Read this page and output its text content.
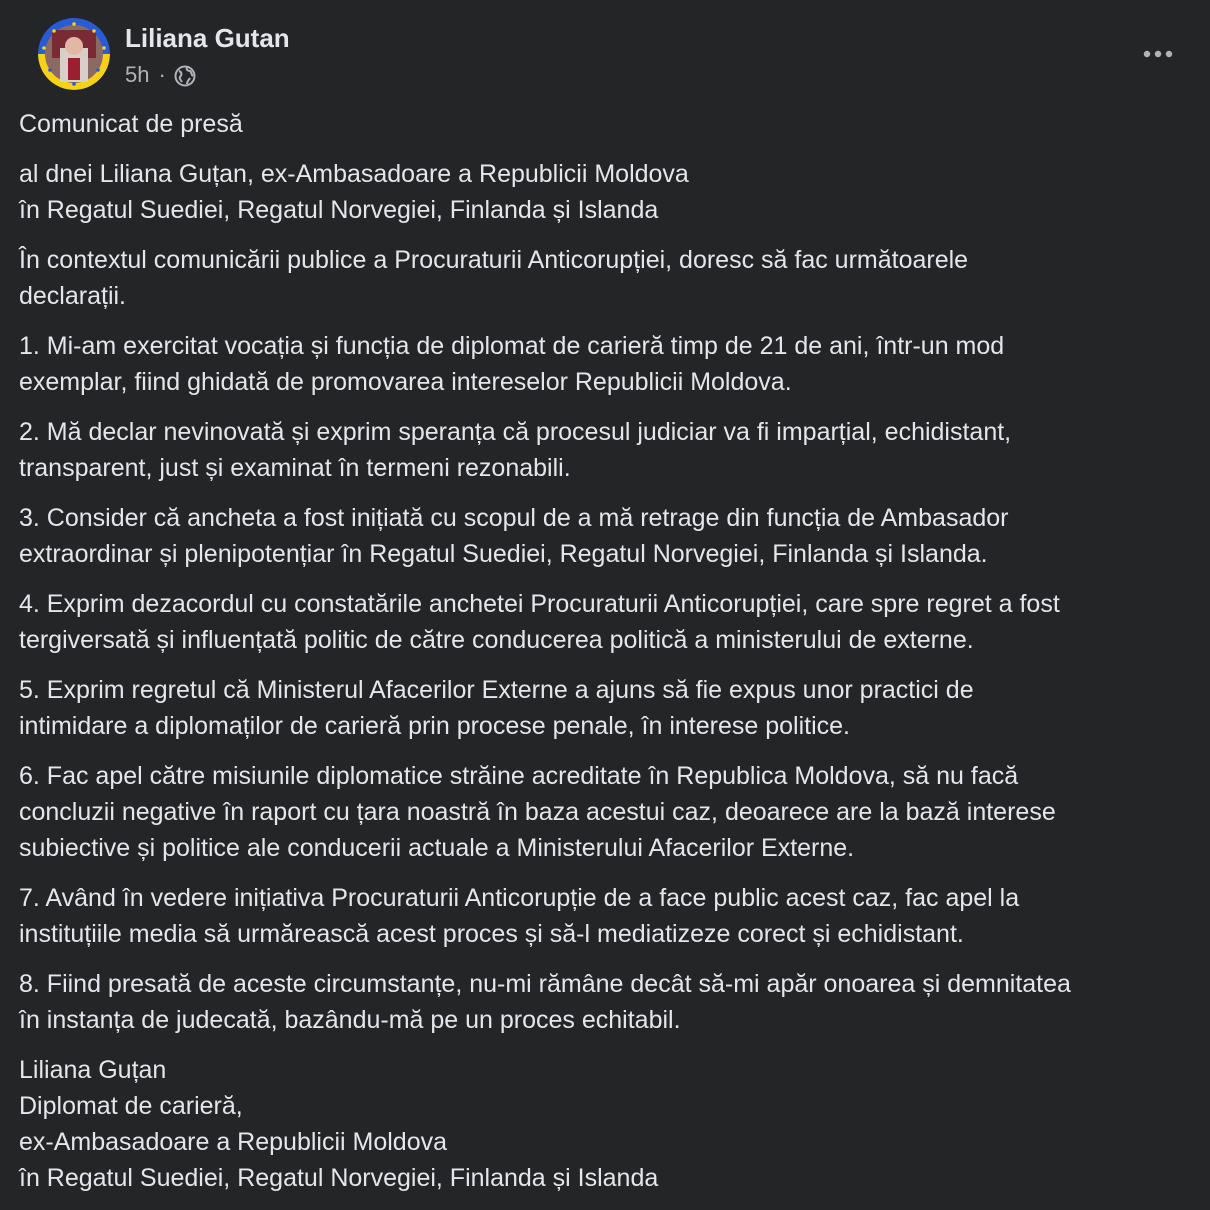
Liliana Gutan
5h ·

Comunicat de presă

al dnei Liliana Guțan, ex-Ambasadoare a Republicii Moldova
în Regatul Suediei, Regatul Norvegiei, Finlanda și Islanda

În contextul comunicării publice a Procuraturii Anticorupției, doresc să fac următoarele
declarații.

1. Mi-am exercitat vocația și funcția de diplomat de carieră timp de 21 de ani, într-un mod
exemplar, fiind ghidată de promovarea intereselor Republicii Moldova.

2. Mă declar nevinovată și exprim speranța că procesul judiciar va fi imparțial, echidistant,
transparent, just și examinat în termeni rezonabili.

3. Consider că ancheta a fost inițiată cu scopul de a mă retrage din funcția de Ambasador
extraordinar și plenipotențiar în Regatul Suediei, Regatul Norvegiei, Finlanda și Islanda.

4. Exprim dezacordul cu constatările anchetei Procuraturii Anticorupției, care spre regret a fost
tergiversată și influențată politic de către conducerea politică a ministerului de externe.

5. Exprim regretul că Ministerul Afacerilor Externe a ajuns să fie expus unor practici de
intimidare a diplomaților de carieră prin procese penale, în interese politice.

6. Fac apel către misiunile diplomatice străine acreditate în Republica Moldova, să nu facă
concluzii negative în raport cu țara noastră în baza acestui caz, deoarece are la bază interese
subiective și politice ale conducerii actuale a Ministerului Afacerilor Externe.

7. Având în vedere inițiativa Procuraturii Anticorupție de a face public acest caz, fac apel la
instituțiile media să urmărească acest proces și să-l mediatizeze corect și echidistant.

8. Fiind presată de aceste circumstanțe, nu-mi rămâne decât să-mi apăr onoarea și demnitatea
în instanța de judecată, bazându-mă pe un proces echitabil.

Liliana Guțan
Diplomat de carieră,
ex-Ambasadoare a Republicii Moldova
în Regatul Suediei, Regatul Norvegiei, Finlanda și Islanda
